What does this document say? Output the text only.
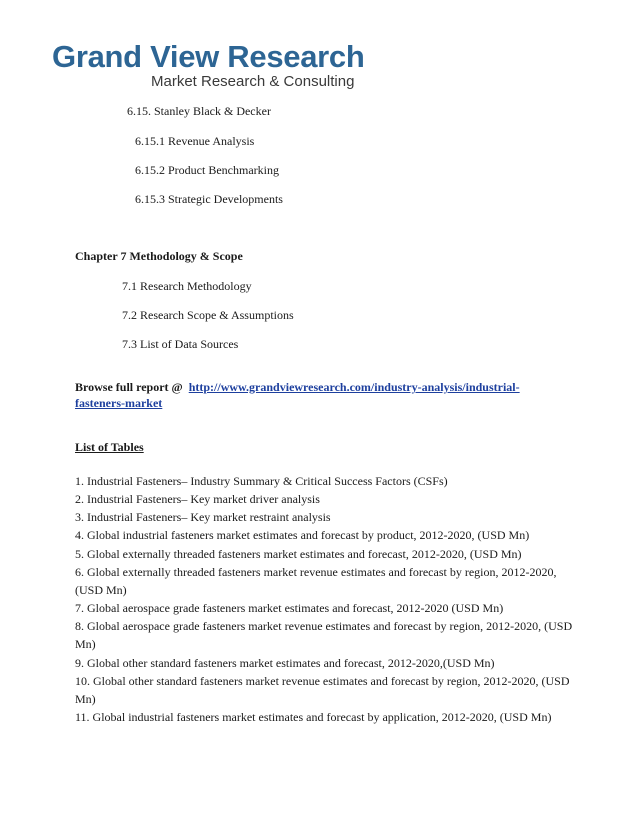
Grand View Research
Market Research & Consulting
6.15. Stanley Black & Decker
6.15.1 Revenue Analysis
6.15.2 Product Benchmarking
6.15.3 Strategic Developments
Chapter 7 Methodology & Scope
7.1 Research Methodology
7.2 Research Scope & Assumptions
7.3 List of Data Sources
Browse full report @ http://www.grandviewresearch.com/industry-analysis/industrial-
fasteners-market
List of Tables
1. Industrial Fasteners– Industry Summary & Critical Success Factors (CSFs)
2. Industrial Fasteners– Key market driver analysis
3. Industrial Fasteners– Key market restraint analysis
4. Global industrial fasteners market estimates and forecast by product, 2012-2020, (USD Mn)
5. Global externally threaded fasteners market estimates and forecast, 2012-2020, (USD Mn)
6. Global externally threaded fasteners market revenue estimates and forecast by region, 2012-2020, (USD Mn)
7. Global aerospace grade fasteners market estimates and forecast, 2012-2020 (USD Mn)
8. Global aerospace grade fasteners market revenue estimates and forecast by region, 2012-2020, (USD Mn)
9. Global other standard fasteners market estimates and forecast, 2012-2020,(USD Mn)
10. Global other standard fasteners market revenue estimates and forecast by region, 2012-2020, (USD Mn)
11. Global industrial fasteners market estimates and forecast by application, 2012-2020, (USD Mn)
